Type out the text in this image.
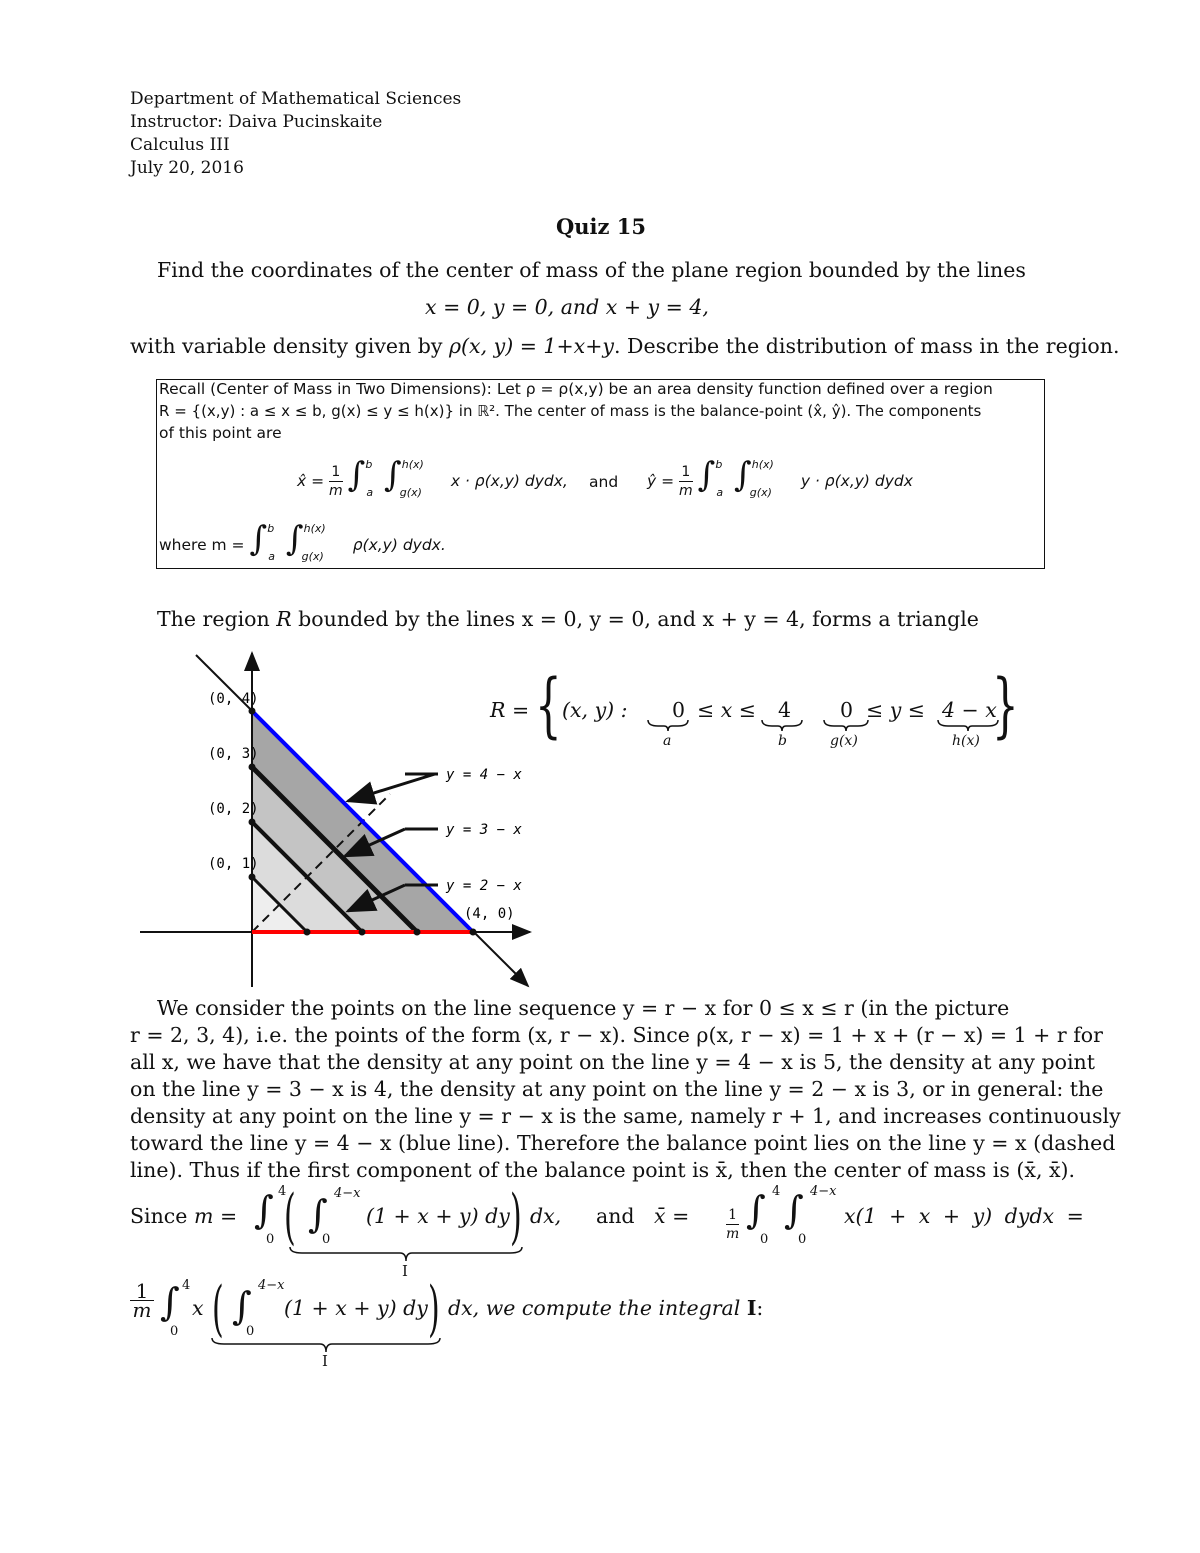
Department of Mathematical Sciences
Instructor: Daiva Pucinskaite
Calculus III
July 20, 2016
Quiz 15
Find the coordinates of the center of mass of the plane region bounded by the lines
x = 0, y = 0, and x + y = 4,
with variable density given by ρ(x, y) = 1+x+y. Describe the distribution of mass in the region.
Recall (Center of Mass in Two Dimensions): Let ρ = ρ(x,y) be an area density function defined over a region
R = {(x,y) : a ≤ x ≤ b, g(x) ≤ y ≤ h(x)} in ℝ². The center of mass is the balance-point (x̂, ŷ). The components
of this point are
x̂ = $\frac{1}{m} \int^b_a$ ∫$^{h(x)}_{g(x)}$ x · ρ(x,y) dydx, and ŷ = $\frac{1}{m} \int^b_a$ ∫$^{h(x)}_{g(x)}$ y · ρ(x,y) dydx
where m = ∫$^b_a$ ∫$^{h(x)}_{g(x)}$ ρ(x,y) dydx.
The region R bounded by the lines x = 0, y = 0, and x + y = 4, forms a triangle
(0, 4)
(0, 3)
(0, 2)
(0, 1)
(4, 0)
y = 4 − x
y = 3 − x
y = 2 − x
R = {	}
(x, y) : 0 ≤ x ≤ 4 0 ≤ y ≤ 4 − x
a	b	g(x)	h(x)
We consider the points on the line sequence y = r − x for 0 ≤ x ≤ r (in the picture
r = 2, 3, 4), i.e. the points of the form (x, r − x). Since ρ(x, r − x) = 1 + x + (r − x) = 1 + r for
all x, we have that the density at any point on the line y = 4 − x is 5, the density at any point
on the line y = 3 − x is 4, the density at any point on the line y = 2 − x is 3, or in general: the
density at any point on the line y = r − x is the same, namely r + 1, and increases continuously
toward the line y = 4 − x (blue line). Therefore the balance point lies on the line y = x (dashed
line). Thus if the first component of the balance point is x̄, then the center of mass is (x̄, x̄).
Since m = ∫ 4
0 ( ∫ 4−x
0
(1 + x + y) dy )
I
dx, and x̄ =	$\frac{1}{m}$ ∫ 4
0
∫ 4−x
0
x(1 + x + y) dydx =
$\frac{1}{m}$ ∫ 4
0
x ( ∫ 4−x
0
(1 + x + y) dy )
I
dx, we compute the integral I:
